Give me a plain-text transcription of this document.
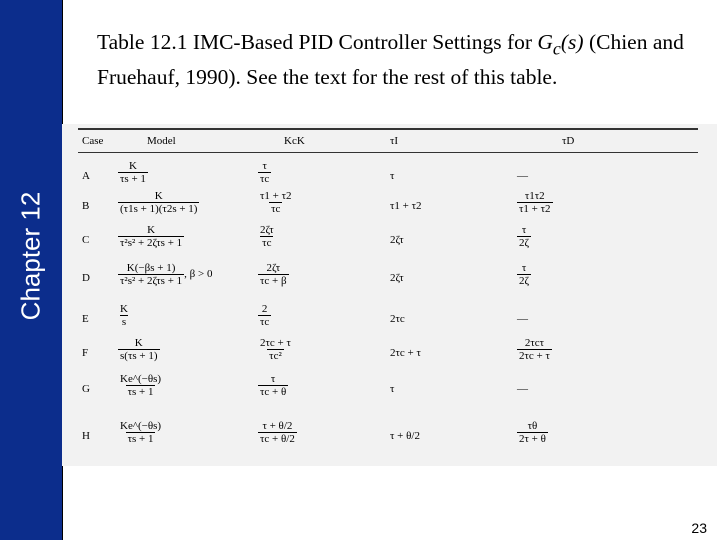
Chapter 12

Table 12.1 IMC-Based PID Controller Settings for $G_c(s)$ (Chien and Fruehauf, 1990). See the text for the rest of this table.

Case	Model	KcK	τI	τD
A	$\frac{K}{\tau s + 1}$	$\frac{\tau}{\tau c}$	τ	—
B	$\frac{K}{(\tau 1s + 1)(\tau 2s + 1)}$	$\frac{\tau 1 + \tau 2}{\tau c}$	τ1 + τ2	$\frac{\tau 1\tau 2}{\tau 1 + \tau 2}$
C	$\frac{K}{\text{τ²s² + 2ζτs + 1}}$	$\frac{2\zeta\tau}{\tau c}$	2ζτ	$\frac{\tau}{2\zeta}$
D	$\frac{K(-\beta s + 1)}{\text{τ²s² + 2ζτs + 1}}$ , β > 0	$\frac{2\zeta\tau}{\tau c + \beta}$	2ζτ	$\frac{\tau}{2\zeta}$
E	$\frac{K}{s}$	$\frac{2}{\tau c}$	2τc	—
F	$\frac{K}{s(\tau s + 1)}$	$\frac{2\tau c + \tau}{\text{τc²}}$	2τc + τ	$\frac{\text{2τcτ}}{2\tau c + \tau}$
G	$\frac{Ke\^{}(-\theta s)}{\tau s + 1}$	$\frac{\tau}{\tau c + \theta}$	τ	—
H	$\frac{Ke\^{}(-\theta s)}{\tau s + 1}$	$\frac{\tau + \theta/2}{\tau c + \theta/2}$	τ + θ/2	$\frac{\tau\theta}{2\tau + \theta}$
23
